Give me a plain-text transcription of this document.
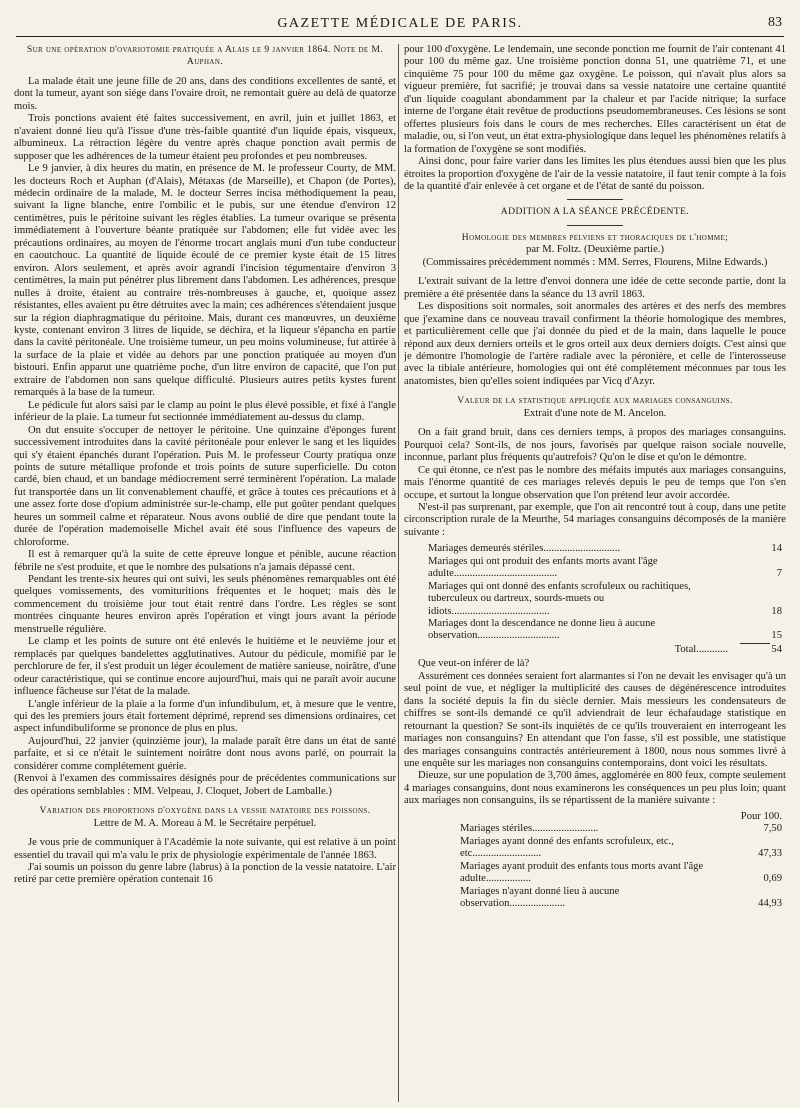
GAZETTE MÉDICALE DE PARIS.	83

Sur une opération d'ovariotomie pratiquée a Alais le 9 janvier 1864. Note de M. Auphan.

La malade était une jeune fille de 20 ans, dans des conditions excellentes de santé, et dont la tumeur, ayant son siége dans l'ovaire droit, ne remontait guère au delà de quatorze mois.

Trois ponctions avaient été faites successivement, en avril, juin et juillet 1863, et n'avaient donné lieu qu'à l'issue d'une très-faible quantité d'un liquide épais, visqueux, albumineux. La rétraction légère du ventre après chaque ponction avait permis de supposer que les adhérences de la tumeur étaient peu profondes et peu nombreuses.

Le 9 janvier, à dix heures du matin, en présence de M. le professeur Courty, de MM. les docteurs Roch et Auphan (d'Alais), Métaxas (de Marseille), et Chapon (de Portes), médecin ordinaire de la malade, M. le docteur Serres incisa méthodiquement la peau, suivant la ligne blanche, entre l'ombilic et le pubis, sur une étendue d'environ 12 centimètres, puis le péritoine suivant les règles établies. La tumeur ovarique se présenta immédiatement à l'ouverture béante pratiquée sur l'abdomen; elle fut vidée avec les précautions ordinaires, au moyen de l'énorme trocart anglais muni d'un tube conducteur en caoutchouc. La quantité de liquide écoulé de ce premier kyste était de 15 litres environ. Alors seulement, et après avoir agrandi l'incision tégumentaire d'environ 3 centimètres, la main put pénétrer plus librement dans l'abdomen. Les adhérences, presque nulles à droite, étaient au contraire très-nombreuses à gauche, et, quoique assez résistantes, elles avaient pu être détruites avec la main; ces adhérences s'étendaient jusque sur la région diaphragmatique du péritoine. Mais, durant ces manœuvres, un deuxième kyste, contenant environ 3 litres de liquide, se déchira, et la liqueur s'épancha en partie dans la cavité péritonéale. Une troisième tumeur, un peu moins volumineuse, fut attirée à la surface de la plaie et vidée au dehors par une ponction pratiquée au moyen d'un bistouri. Enfin apparut une quatrième poche, d'un litre environ de capacité, que l'on put extraire de l'abdomen non sans quelque difficulté. Plusieurs autres petits kystes furent remarqués à la base de la tumeur.

Le pédicule fut alors saisi par le clamp au point le plus élevé possible, et fixé à l'angle inférieur de la plaie. La tumeur fut sectionnée immédiatement au-dessus du clamp.

On dut ensuite s'occuper de nettoyer le péritoine. Une quinzaine d'éponges furent successivement introduites dans la cavité péritonéale pour enlever le sang et les liquides qui s'y étaient épanchés durant l'opération. Puis M. le professeur Courty pratiqua onze points de suture métallique profonde et trois points de suture superficielle. Du coton cardé, bien chaud, et un bandage médiocrement serré terminèrent l'opération. La malade fut transportée dans un lit convenablement chauffé, et grâce à toutes ces précautions et à une assez forte dose d'opium administrée sur-le-champ, elle put goûter pendant quelques heures un sommeil calme et réparateur. Nous avons oublié de dire que pendant toute la durée de l'opération mademoiselle Michel avait été sous l'influence des vapeurs de chloroforme.

Il est à remarquer qu'à la suite de cette épreuve longue et pénible, aucune réaction fébrile ne s'est produite, et que le nombre des pulsations n'a jamais dépassé cent.

Pendant les trente-six heures qui ont suivi, les seuls phénomènes remarquables ont été quelques vomissements, des vomituritions fréquentes et le hoquet; mais dès le commencement du troisième jour tout était rentré dans l'ordre. Les règles se sont montrées cinquante heures environ après l'opération et vingt jours avant la période menstruelle régulière.

Le clamp et les points de suture ont été enlevés le huitième et le neuvième jour et remplacés par quelques bandelettes agglutinatives. Autour du pédicule, momifié par le perchlorure de fer, il s'est produit un léger écoulement de matière sanieuse, noirâtre, d'une odeur caractéristique, qui se continue encore aujourd'hui, mais qui ne paraît avoir aucune influence fâcheuse sur l'état de la malade.

L'angle inférieur de la plaie a la forme d'un infundibulum, et, à mesure que le ventre, qui des les premiers jours était fortement déprimé, reprend ses dimensions ordinaires, cet aspect infundibuliforme se prononce de plus en plus.

Aujourd'hui, 22 janvier (quinzième jour), la malade paraît être dans un état de santé parfaite, et si ce n'était le suintement noirâtre dont nous avons parlé, on pourrait la considérer comme complétement guérie.

(Renvoi à l'examen des commissaires désignés pour de précédentes communications sur des opérations semblables : MM. Velpeau, J. Cloquet, Jobert de Lamballe.)

Variation des proportions d'oxygène dans la vessie natatoire des poissons.

Lettre de M. A. Moreau à M. le Secrétaire perpétuel.

Je vous prie de communiquer à l'Académie la note suivante, qui est relative à un point essentiel du travail qui m'a valu le prix de physiologie expérimentale de l'année 1863.

J'ai soumis un poisson du genre labre (labrus) à la ponction de la vessie natatoire. L'air retiré par cette première opération contenait 16

pour 100 d'oxygène. Le lendemain, une seconde ponction me fournit de l'air contenant 41 pour 100 du même gaz. Une troisième ponction donna 51, une quatrième 71, et une cinquième 75 pour 100 du même gaz oxygène. Le poisson, qui n'avait plus alors sa vigueur première, fut sacrifié; je trouvai dans sa vessie natatoire une certaine quantité d'un liquide coagulant abondamment par la chaleur et par l'acide nitrique; la surface interne de l'organe était revêtue de productions pseudomembraneuses. Ces lésions se sont offertes plusieurs fois dans le cours de mes recherches. Elles caractérisent un état de maladie, ou, si l'on veut, un état extra-physiologique dans lequel les phénomènes relatifs à la formation de l'oxygène se sont modifiés.

Ainsi donc, pour faire varier dans les limites les plus étendues aussi bien que les plus étroites la proportion d'oxygène de l'air de la vessie natatoire, il faut tenir compte à la fois de la quantité d'air enlevée à cet organe et de l'état de santé du poisson.

ADDITION A LA SÉANCE PRÉCÉDENTE.

Homologie des membres pelviens et thoraciques de l'homme;

par M. Foltz. (Deuxième partie.)

(Commissaires précédemment nommés : MM. Serres, Flourens, Milne Edwards.)

L'extrait suivant de la lettre d'envoi donnera une idée de cette seconde partie, dont la première a été présentée dans la séance du 13 avril 1863.

Les dispositions soit normales, soit anormales des artères et des nerfs des membres que j'examine dans ce nouveau travail confirment la théorie homologique des membres, et particulièrement celle que j'ai donnée du pied et de la main, dans laquelle le pouce répond aux deux derniers orteils et le gros orteil aux deux derniers doigts. C'est ainsi que je démontre l'homologie de l'artère radiale avec la péronière, et celle de l'interosseuse avec la tibiale antérieure, homologies qui ont été complétement méconnues par tous les anatomistes, bien qu'elles soient indiquées par Vicq d'Azyr.

Valeur de la statistique appliquée aux mariages consanguins.

Extrait d'une note de M. Ancelon.

On a fait grand bruit, dans ces derniers temps, à propos des mariages consanguins. Pourquoi cela? Sont-ils, de nos jours, favorisés par quelque raison sociale nouvelle, inconnue, parlant plus fréquents qu'autrefois? Qu'on le dise et qu'on le démontre.

Ce qui étonne, ce n'est pas le nombre des méfaits imputés aux mariages consanguins, mais l'énorme quantité de ces mariages relevés depuis le peu de temps que l'on s'en occupe, et surtout la longue observation que l'on prétend leur avoir accordée.

N'est-il pas surprenant, par exemple, que l'on ait rencontré tout à coup, dans une petite circonscription rurale de la Meurthe, 54 mariages consanguins décomposés de la manière suivante :

Mariages demeurés stériles.............................	14
Mariages qui ont produit des enfants morts avant l'âge adulte.......................................	7
Mariages qui ont donné des enfants scrofuleux ou rachitiques, tuberculeux ou dartreux, sourds-muets ou idiots.....................................	18
Mariages dont la descendance ne donne lieu à aucune observation...............................	15
Total............	54

Que veut-on inférer de là?

Assurément ces données seraient fort alarmantes si l'on ne devait les envisager qu'à un seul point de vue, et négliger la multiplicité des causes de dégénérescence introduites dans la société depuis la fin du siècle dernier. Mais messieurs les condensateurs de chiffres se sont-ils demandé ce qu'il adviendrait de leur échafaudage statistique en retournant la question? Se sont-ils inquiétés de ce qu'ils trouveraient en interrogeant les mariages non consanguins? En attendant que l'on fasse, s'il est possible, une statistique des mariages consanguins contractés antérieurement à 1800, nous nous sommes livré à une enquête sur les mariages non consanguins contemporains, dont voici les résultats.

Dieuze, sur une population de 3,700 âmes, agglomérée en 800 feux, compte seulement 4 mariages consanguins, dont nous examinerons les conséquences un peu plus loin; quant aux mariages non consanguins, ils se répartissent de la manière suivante :

Pour 100.
Mariages stériles.........................	7,50
Mariages ayant donné des enfants scrofuleux, etc., etc..........................	47,33
Mariages ayant produit des enfants tous morts avant l'âge adulte.................	0,69
Mariages n'ayant donné lieu à aucune observation.....................	44,93
